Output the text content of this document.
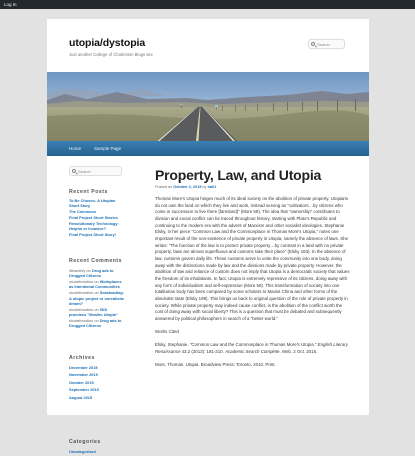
Log In
utopia/dystopia
Just another College of Charleston Blogs site
Search
Home	Sample Page
Search
Recent Posts
To Be Chosen- A Utopian Short Story
The Commons
Final Project Short Stories
Revolutionary Technology: Helpful or Invasive?
Final Project Short Story!
Recent Comments
lilbrantley on Drug ads to Drugged Citizens
nicolefrandino on Workplaces as Intentional Communities
nicolefrandino on Seasteading: A utopic project or unrealistic dream?
nicolefrandino on ISIS promises "Muslim Utopia"
nicolefrandino on Drug ads to Drugged Citizens
Archives
December 2015
November 2015
October 2015
September 2015
August 2015
Categories
Uncategorized
Property, Law, and Utopia
Posted on October 2, 2015 by hall1

Thomas More's Utopia hinges much of its ideal society on the abolition of private property. Utopians do not own the land on which they live and work, instead serving as "cultivators…by citizens who come in succession to live there [farmland]" (More 59). The idea that "ownership" contributes to division and social conflict can be traced throughout history, starting with Plato's Republic and continuing to the modern era with the advent of Marxism and other socialist ideologies. Stephanie Elsky, in her piece "Common Law and the Commonplace in Thomas More's Utopia," notes one important result of the non-existence of private property in Utopia, namely the absence of laws. She writes: "The function of the law is to protect private property…by contrast in a land with no private property, laws are almost superfluous and customs take their place" (Elsky 193). In the absence of law, customs govern daily life. These customs serve to unite the community into one body, doing away with the distinctions made by law and the divisions made by private property. However, the abolition of law and reliance of custom does not imply that Utopia is a democratic society that values the freedom of its inhabitants. In fact, Utopia is extremely repressive of its citizens, doing away with any form of individualism and self-expression (More 59). This transformation of society into one totalitarian body has been compared by some scholars to Maoist China and other forms of the absolutist state (Elsky 199). This brings us back to original question of the role of private property in society. While private property may indeed cause conflict, is the abolition of the conflict worth the cost of doing away with social liberty? This is a question that must be debated and subsequently answered by political philosophers in search of a "better world."

Works Cited

Elsky, Stephanie. "Common Law and the Commonplace in Thomas More's Utopia." English Literary Renaissance 43.2 (2013): 181-210. Academic Search Complete. Web. 2 Oct. 2015.

More, Thomas. Utopia. Broadview Press: Toronto, 2010. Print.
